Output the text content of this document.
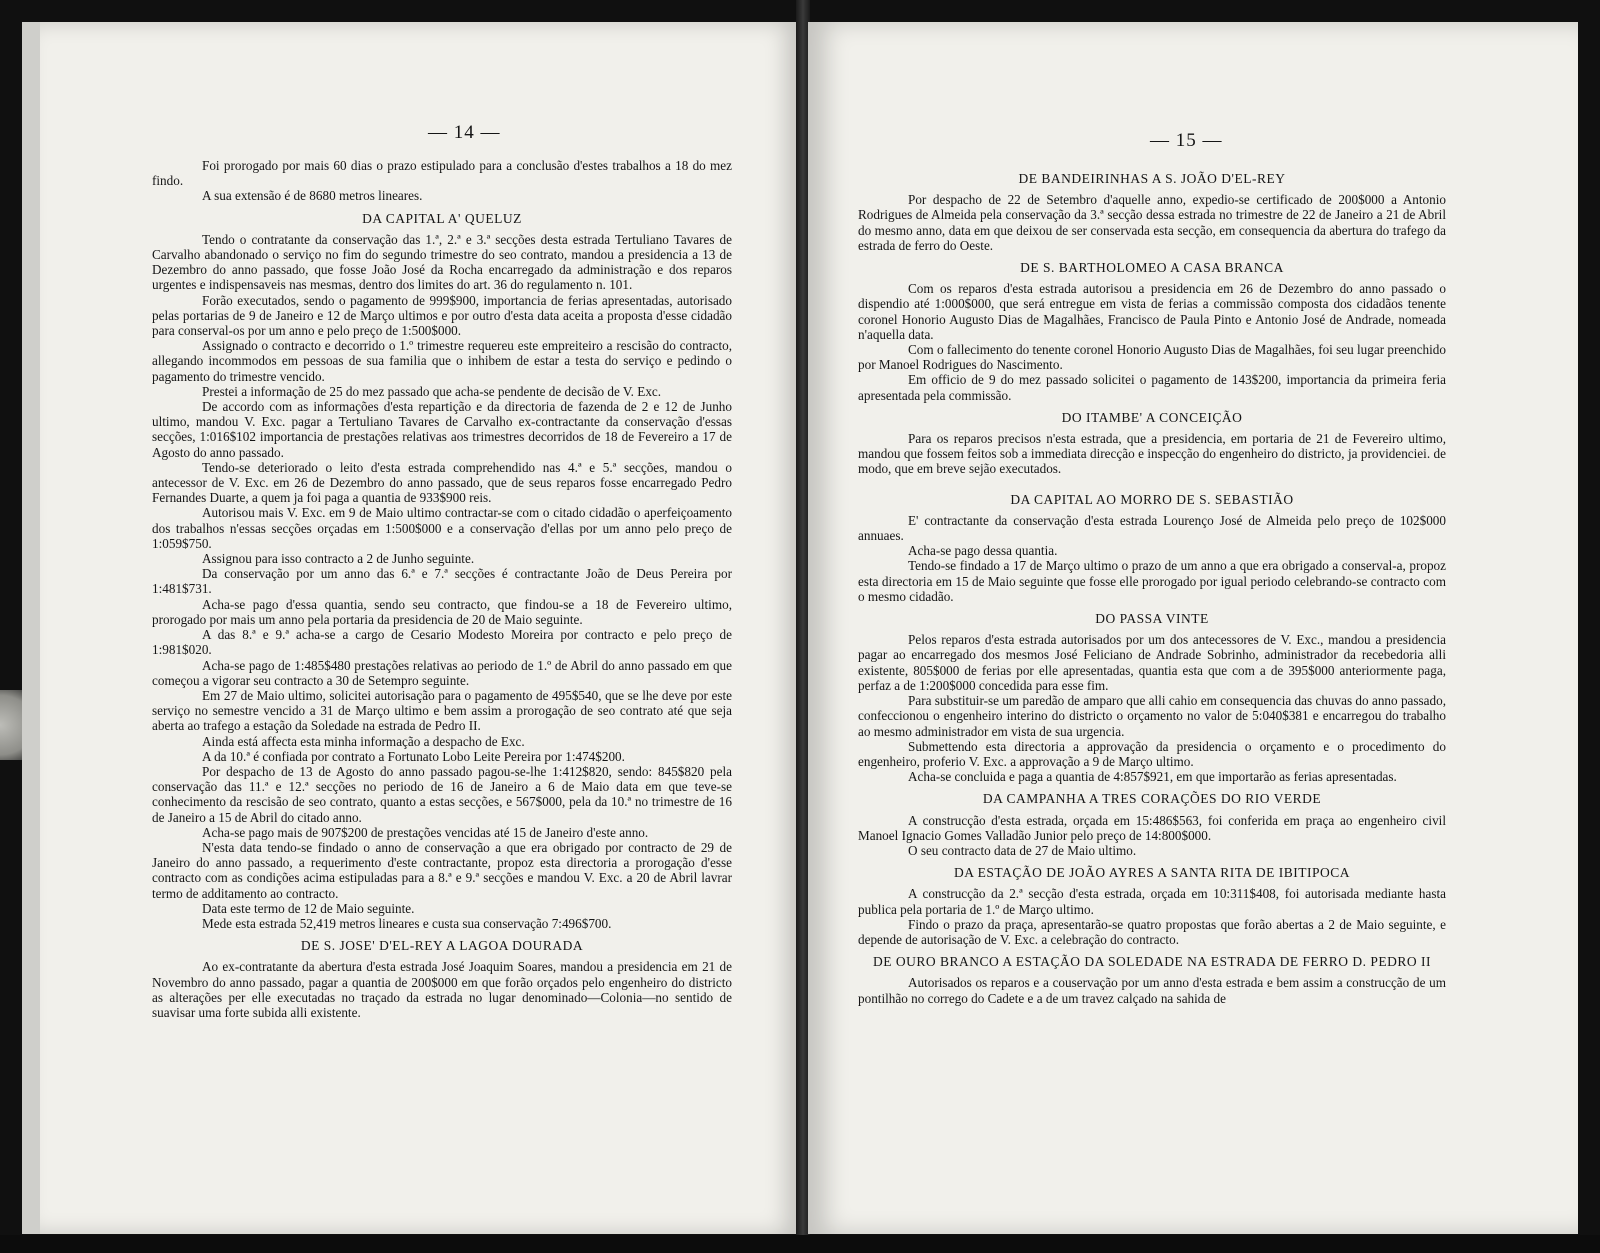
— 14 —

Foi prorogado por mais 60 dias o prazo estipulado para a conclusão d'estes trabalhos a 18 do mez findo.

A sua extensão é de 8680 metros lineares.

DA CAPITAL A' QUELUZ

Tendo o contratante da conservação das 1.ª, 2.ª e 3.ª secções desta estrada Tertuliano Tavares de Carvalho abandonado o serviço no fim do segundo trimestre do seo contrato, mandou a presidencia a 13 de Dezembro do anno passado, que fosse João José da Rocha encarregado da administração e dos reparos urgentes e indispensaveis nas mesmas, dentro dos limites do art. 36 do regulamento n. 101.

Forão executados, sendo o pagamento de 999$900, importancia de ferias apresentadas, autorisado pelas portarias de 9 de Janeiro e 12 de Março ultimos e por outro d'esta data aceita a proposta d'esse cidadão para conserval-os por um anno e pelo preço de 1:500$000.

Assignado o contracto e decorrido o 1.º trimestre requereu este empreiteiro a rescisão do contracto, allegando incommodos em pessoas de sua familia que o inhibem de estar a testa do serviço e pedindo o pagamento do trimestre vencido.

Prestei a informação de 25 do mez passado que acha-se pendente de decisão de V. Exc.

De accordo com as informações d'esta repartição e da directoria de fazenda de 2 e 12 de Junho ultimo, mandou V. Exc. pagar a Tertuliano Tavares de Carvalho ex-contractante da conservação d'essas secções, 1:016$102 importancia de prestações relativas aos trimestres decorridos de 18 de Fevereiro a 17 de Agosto do anno passado.

Tendo-se deteriorado o leito d'esta estrada comprehendido nas 4.ª e 5.ª secções, mandou o antecessor de V. Exc. em 26 de Dezembro do anno passado, que de seus reparos fosse encarregado Pedro Fernandes Duarte, a quem ja foi paga a quantia de 933$900 reis.

Autorisou mais V. Exc. em 9 de Maio ultimo contractar-se com o citado cidadão o aperfeiçoamento dos trabalhos n'essas secções orçadas em 1:500$000 e a conservação d'ellas por um anno pelo preço de 1:059$750.

Assignou para isso contracto a 2 de Junho seguinte.

Da conservação por um anno das 6.ª e 7.ª secções é contractante João de Deus Pereira por 1:481$731.

Acha-se pago d'essa quantia, sendo seu contracto, que findou-se a 18 de Fevereiro ultimo, prorogado por mais um anno pela portaria da presidencia de 20 de Maio seguinte.

A das 8.ª e 9.ª acha-se a cargo de Cesario Modesto Moreira por contracto e pelo preço de 1:981$020.

Acha-se pago de 1:485$480 prestações relativas ao periodo de 1.º de Abril do anno passado em que começou a vigorar seu contracto a 30 de Setempro seguinte.

Em 27 de Maio ultimo, solicitei autorisação para o pagamento de 495$540, que se lhe deve por este serviço no semestre vencido a 31 de Março ultimo e bem assim a prorogação de seo contrato até que seja aberta ao trafego a estação da Soledade na estrada de Pedro II.

Ainda está affecta esta minha informação a despacho de Exc.

A da 10.ª é confiada por contrato a Fortunato Lobo Leite Pereira por 1:474$200.

Por despacho de 13 de Agosto do anno passado pagou-se-lhe 1:412$820, sendo: 845$820 pela conservação das 11.ª e 12.ª secções no periodo de 16 de Janeiro a 6 de Maio data em que teve-se conhecimento da rescisão de seo contrato, quanto a estas secções, e 567$000, pela da 10.ª no trimestre de 16 de Janeiro a 15 de Abril do citado anno.

Acha-se pago mais de 907$200 de prestações vencidas até 15 de Janeiro d'este anno.

N'esta data tendo-se findado o anno de conservação a que era obrigado por contracto de 29 de Janeiro do anno passado, a requerimento d'este contractante, propoz esta directoria a prorogação d'esse contracto com as condições acima estipuladas para a 8.ª e 9.ª secções e mandou V. Exc. a 20 de Abril lavrar termo de additamento ao contracto.

Data este termo de 12 de Maio seguinte.

Mede esta estrada 52,419 metros lineares e custa sua conservação 7:496$700.

DE S. JOSE' D'EL-REY A LAGOA DOURADA

Ao ex-contratante da abertura d'esta estrada José Joaquim Soares, mandou a presidencia em 21 de Novembro do anno passado, pagar a quantia de 200$000 em que forão orçados pelo engenheiro do districto as alterações per elle executadas no traçado da estrada no lugar denominado—Colonia—no sentido de suavisar uma forte subida alli existente.

— 15 —
DE BANDEIRINHAS A S. JOÃO D'EL-REY

Por despacho de 22 de Setembro d'aquelle anno, expedio-se certificado de 200$000 a Antonio Rodrigues de Almeida pela conservação da 3.ª secção dessa estrada no trimestre de 22 de Janeiro a 21 de Abril do mesmo anno, data em que deixou de ser conservada esta secção, em consequencia da abertura do trafego da estrada de ferro do Oeste.

DE S. BARTHOLOMEO A CASA BRANCA

Com os reparos d'esta estrada autorisou a presidencia em 26 de Dezembro do anno passado o dispendio até 1:000$000, que será entregue em vista de ferias a commissão composta dos cidadãos tenente coronel Honorio Augusto Dias de Magalhães, Francisco de Paula Pinto e Antonio José de Andrade, nomeada n'aquella data.

Com o fallecimento do tenente coronel Honorio Augusto Dias de Magalhães, foi seu lugar preenchido por Manoel Rodrigues do Nascimento.

Em officio de 9 do mez passado solicitei o pagamento de 143$200, importancia da primeira feria apresentada pela commissão.

DO ITAMBE' A CONCEIÇÃO

Para os reparos precisos n'esta estrada, que a presidencia, em portaria de 21 de Fevereiro ultimo, mandou que fossem feitos sob a immediata direcção e inspecção do engenheiro do districto, ja providenciei. de modo, que em breve sejão executados.

DA CAPITAL AO MORRO DE S. SEBASTIÃO

E' contractante da conservação d'esta estrada Lourenço José de Almeida pelo preço de 102$000 annuaes.

Acha-se pago dessa quantia.

Tendo-se findado a 17 de Março ultimo o prazo de um anno a que era obrigado a conserval-a, propoz esta directoria em 15 de Maio seguinte que fosse elle prorogado por igual periodo celebrando-se contracto com o mesmo cidadão.

DO PASSA VINTE

Pelos reparos d'esta estrada autorisados por um dos antecessores de V. Exc., mandou a presidencia pagar ao encarregado dos mesmos José Feliciano de Andrade Sobrinho, administrador da recebedoria alli existente, 805$000 de ferias por elle apresentadas, quantia esta que com a de 395$000 anteriormente paga, perfaz a de 1:200$000 concedida para esse fim.

Para substituir-se um paredão de amparo que alli cahio em consequencia das chuvas do anno passado, confeccionou o engenheiro interino do districto o orçamento no valor de 5:040$381 e encarregou do trabalho ao mesmo administrador em vista de sua urgencia.

Submettendo esta directoria a approvação da presidencia o orçamento e o procedimento do engenheiro, proferio V. Exc. a approvação a 9 de Março ultimo.

Acha-se concluida e paga a quantia de 4:857$921, em que importarão as ferias apresentadas.

DA CAMPANHA A TRES CORAÇÕES DO RIO VERDE

A construcção d'esta estrada, orçada em 15:486$563, foi conferida em praça ao engenheiro civil Manoel Ignacio Gomes Valladão Junior pelo preço de 14:800$000.

O seu contracto data de 27 de Maio ultimo.

DA ESTAÇÃO DE JOÃO AYRES A SANTA RITA DE IBITIPOCA

A construcção da 2.ª secção d'esta estrada, orçada em 10:311$408, foi autorisada mediante hasta publica pela portaria de 1.º de Março ultimo.

Findo o prazo da praça, apresentarão-se quatro propostas que forão abertas a 2 de Maio seguinte, e depende de autorisação de V. Exc. a celebração do contracto.

DE OURO BRANCO A ESTAÇÃO DA SOLEDADE NA ESTRADA DE FERRO D. PEDRO II

Autorisados os reparos e a couservação por um anno d'esta estrada e bem assim a construcção de um pontilhão no corrego do Cadete e a de um travez calçado na sahida de
